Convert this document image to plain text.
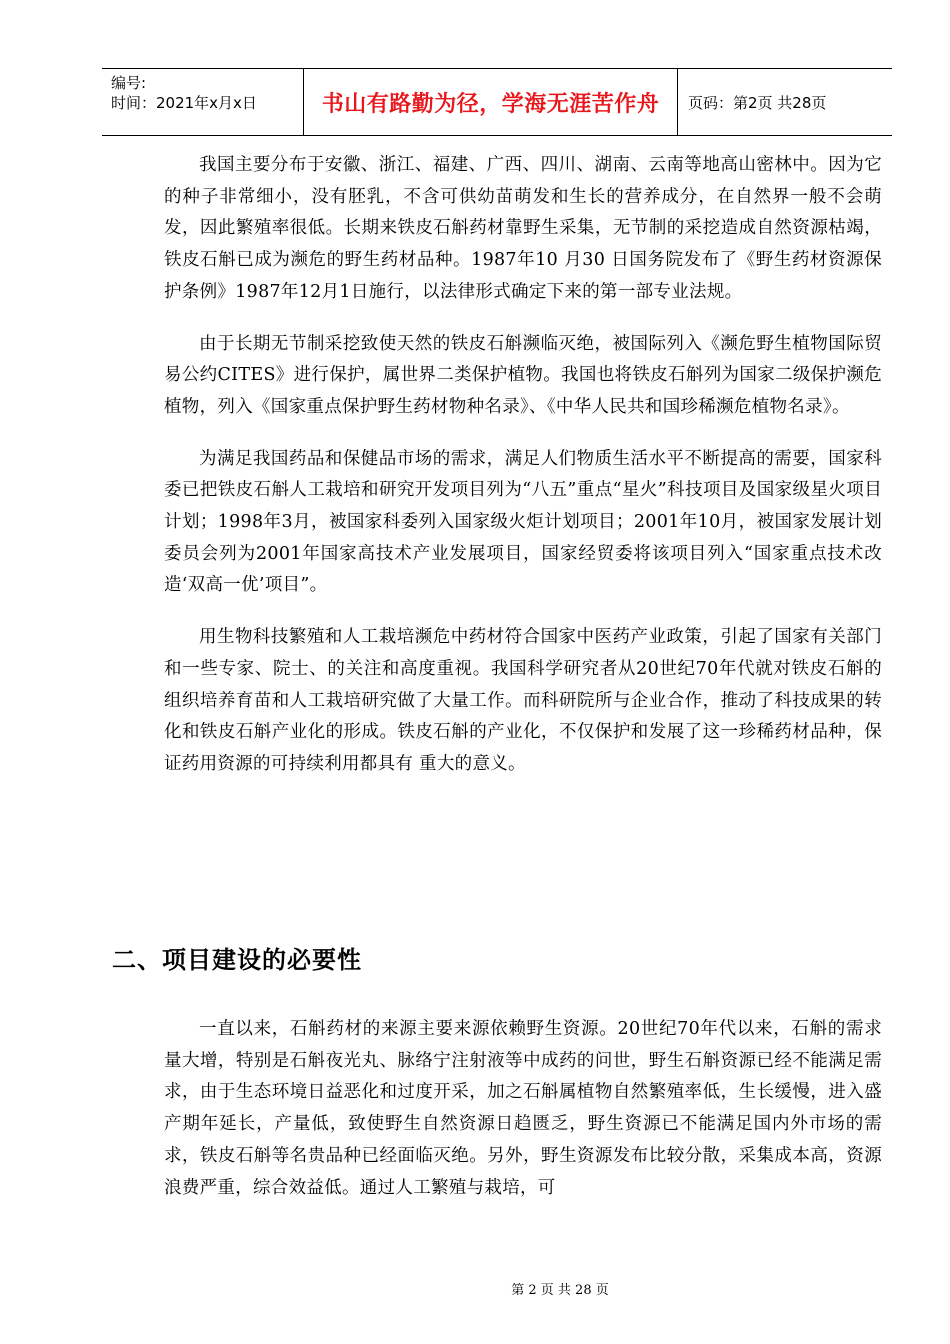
编号:
时间：2021年x月x日	书山有路勤为径，学海无涯苦作舟	页码：第2页 共28页

我国主要分布于安徽、浙江、福建、广西、四川、湖南、云南等地高山密林中。因为它的种子非常细小，没有胚乳，不含可供幼苗萌发和生长的营养成分，在自然界一般不会萌发，因此繁殖率很低。长期来铁皮石斛药材靠野生采集，无节制的采挖造成自然资源枯竭，铁皮石斛已成为濒危的野生药材品种。1987年10 月30 日国务院发布了《野生药材资源保护条例》1987年12月1日施行，以法律形式确定下来的第一部专业法规。

由于长期无节制采挖致使天然的铁皮石斛濒临灭绝，被国际列入《濒危野生植物国际贸易公约CITES》进行保护，属世界二类保护植物。我国也将铁皮石斛列为国家二级保护濒危植物，列入《国家重点保护野生药材物种名录》、《中华人民共和国珍稀濒危植物名录》。

为满足我国药品和保健品市场的需求，满足人们物质生活水平不断提高的需要，国家科委已把铁皮石斛人工栽培和研究开发项目列为“八五”重点“星火”科技项目及国家级星火项目计划；1998年3月，被国家科委列入国家级火炬计划项目；2001年10月，被国家发展计划委员会列为2001年国家高技术产业发展项目，国家经贸委将该项目列入“国家重点技术改造‘双高一优’项目”。

用生物科技繁殖和人工栽培濒危中药材符合国家中医药产业政策，引起了国家有关部门和一些专家、院士、的关注和高度重视。我国科学研究者从20世纪70年代就对铁皮石斛的组织培养育苗和人工栽培研究做了大量工作。而科研院所与企业合作，推动了科技成果的转化和铁皮石斛产业化的形成。铁皮石斛的产业化，不仅保护和发展了这一珍稀药材品种，保证药用资源的可持续利用都具有 重大的意义。

二、项目建设的必要性

一直以来，石斛药材的来源主要来源依赖野生资源。20世纪70年代以来，石斛的需求量大增，特别是石斛夜光丸、脉络宁注射液等中成药的问世，野生石斛资源已经不能满足需求，由于生态环境日益恶化和过度开采，加之石斛属植物自然繁殖率低，生长缓慢，进入盛产期年延长，产量低，致使野生自然资源日趋匮乏，野生资源已不能满足国内外市场的需求，铁皮石斛等名贵品种已经面临灭绝。另外，野生资源发布比较分散，采集成本高，资源浪费严重，综合效益低。通过人工繁殖与栽培，可

第 2 页 共 28 页
